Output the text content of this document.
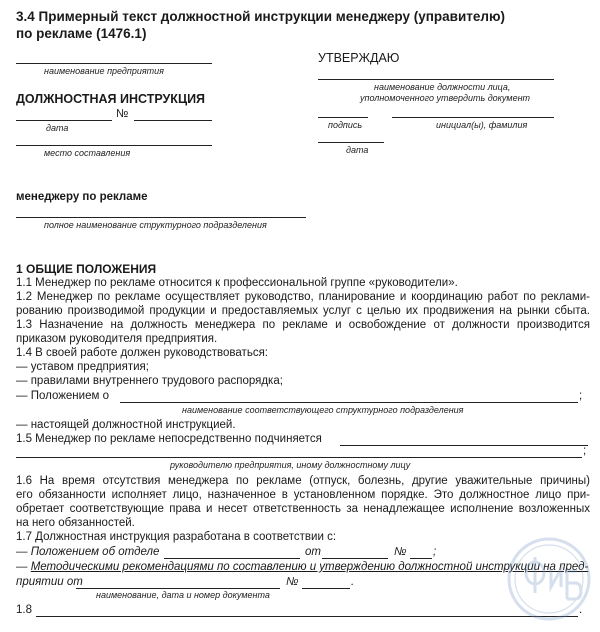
3.4 Примерный текст должностной инструкции менеджеру (управителю)
по рекламе (1476.1)
наименование предприятия
ДОЛЖНОСТНАЯ ИНСТРУКЦИЯ
№
дата
место составления
менеджеру по рекламе
полное наименование структурного подразделения
УТВЕРЖДАЮ
наименование должности лица,
уполномоченного утвердить документ
подпись	инициал(ы), фамилия
дата
1 ОБЩИЕ ПОЛОЖЕНИЯ
1.1 Менеджер по рекламе относится к профессиональной группе «руководители».
1.2 Менеджер по рекламе осуществляет руководство, планирование и координацию работ по реклами-
рованию производимой продукции и предоставляемых услуг с целью их продвижения на рынки сбыта.
1.3 Назначение на должность менеджера по рекламе и освобождение от должности производится
приказом руководителя предприятия.
1.4 В своей работе должен руководствоваться:
— уставом предприятия;
— правилами внутреннего трудового распорядка;
— Положением о	;
наименование соответствующего структурного подразделения
— настоящей должностной инструкцией.
1.5 Менеджер по рекламе непосредственно подчиняется
;
руководителю предприятия, иному должностному лицу
1.6 На время отсутствия менеджера по рекламе (отпуск, болезнь, другие уважительные причины)
его обязанности исполняет лицо, назначенное в установленном порядке. Это должностное лицо при-
обретает соответствующие права и несет ответственность за ненадлежащее исполнение возложенных
на него обязанностей.
1.7 Должностная инструкция разработана в соответствии с:
— Положением об отделе	от	№ ;
— Методическими рекомендациями по составлению и утверждению должностной инструкции на пред-
приятии от	№	.
наименование, дата и номер документа
1.8	.
